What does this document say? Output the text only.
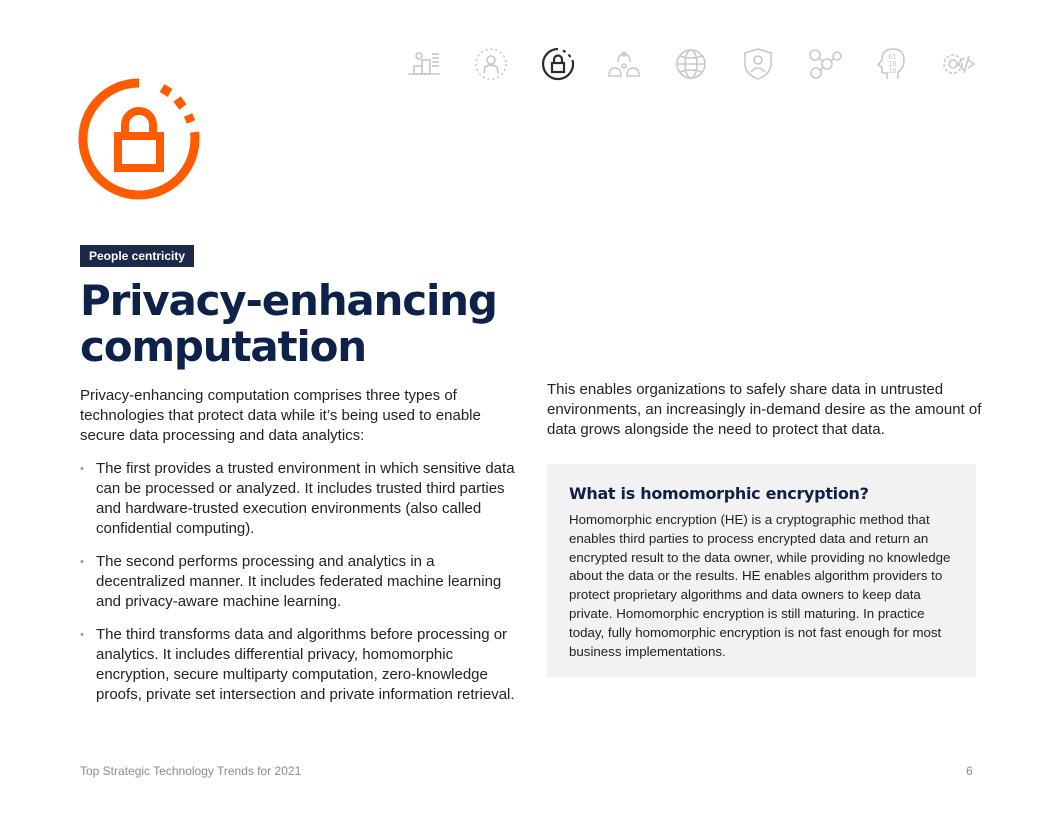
01
10
10
People centricity
Privacy-enhancing
computation

Privacy-enhancing computation comprises three types of technologies that protect data while it’s being used to enable secure data processing and data analytics:

• The first provides a trusted environment in which sensitive data can be processed or analyzed. It includes trusted third parties and hardware-trusted execution environments (also called confidential computing).
• The second performs processing and analytics in a decentralized manner. It includes federated machine learning and privacy-aware machine learning.
• The third transforms data and algorithms before processing or analytics. It includes differential privacy, homomorphic encryption, secure multiparty computation, zero-knowledge proofs, private set intersection and private information retrieval.

This enables organizations to safely share data in untrusted environments, an increasingly in-demand desire as the amount of data grows alongside the need to protect that data.

What is homomorphic encryption?

Homomorphic encryption (HE) is a cryptographic method that enables third parties to process encrypted data and return an encrypted result to the data owner, while providing no knowledge about the data or the results. HE enables algorithm providers to protect proprietary algorithms and data owners to keep data private. Homomorphic encryption is still maturing. In practice today, fully homomorphic encryption is not fast enough for most business implementations.

Top Strategic Technology Trends for 2021	6
